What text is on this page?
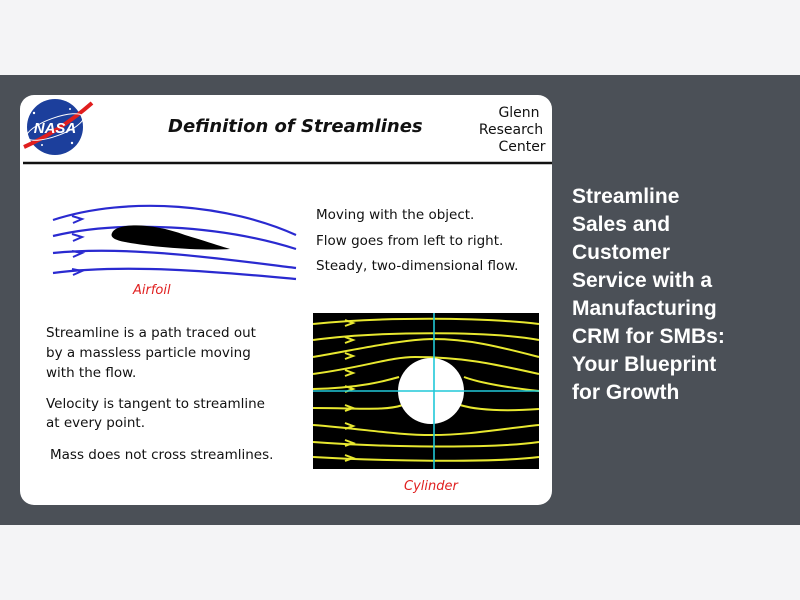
NASA	Definition of Streamlines
Glenn
Research
Center
Airfoil
Moving with the object.
Flow goes from left to right.
Steady, two-dimensional flow.
Streamline is a path traced out
by a massless particle moving
with the flow.
Velocity is tangent to streamline
at every point.
Mass does not cross streamlines.
Cylinder
Streamline
Sales and
Customer
Service with a
Manufacturing
CRM for SMBs:
Your Blueprint
for Growth
